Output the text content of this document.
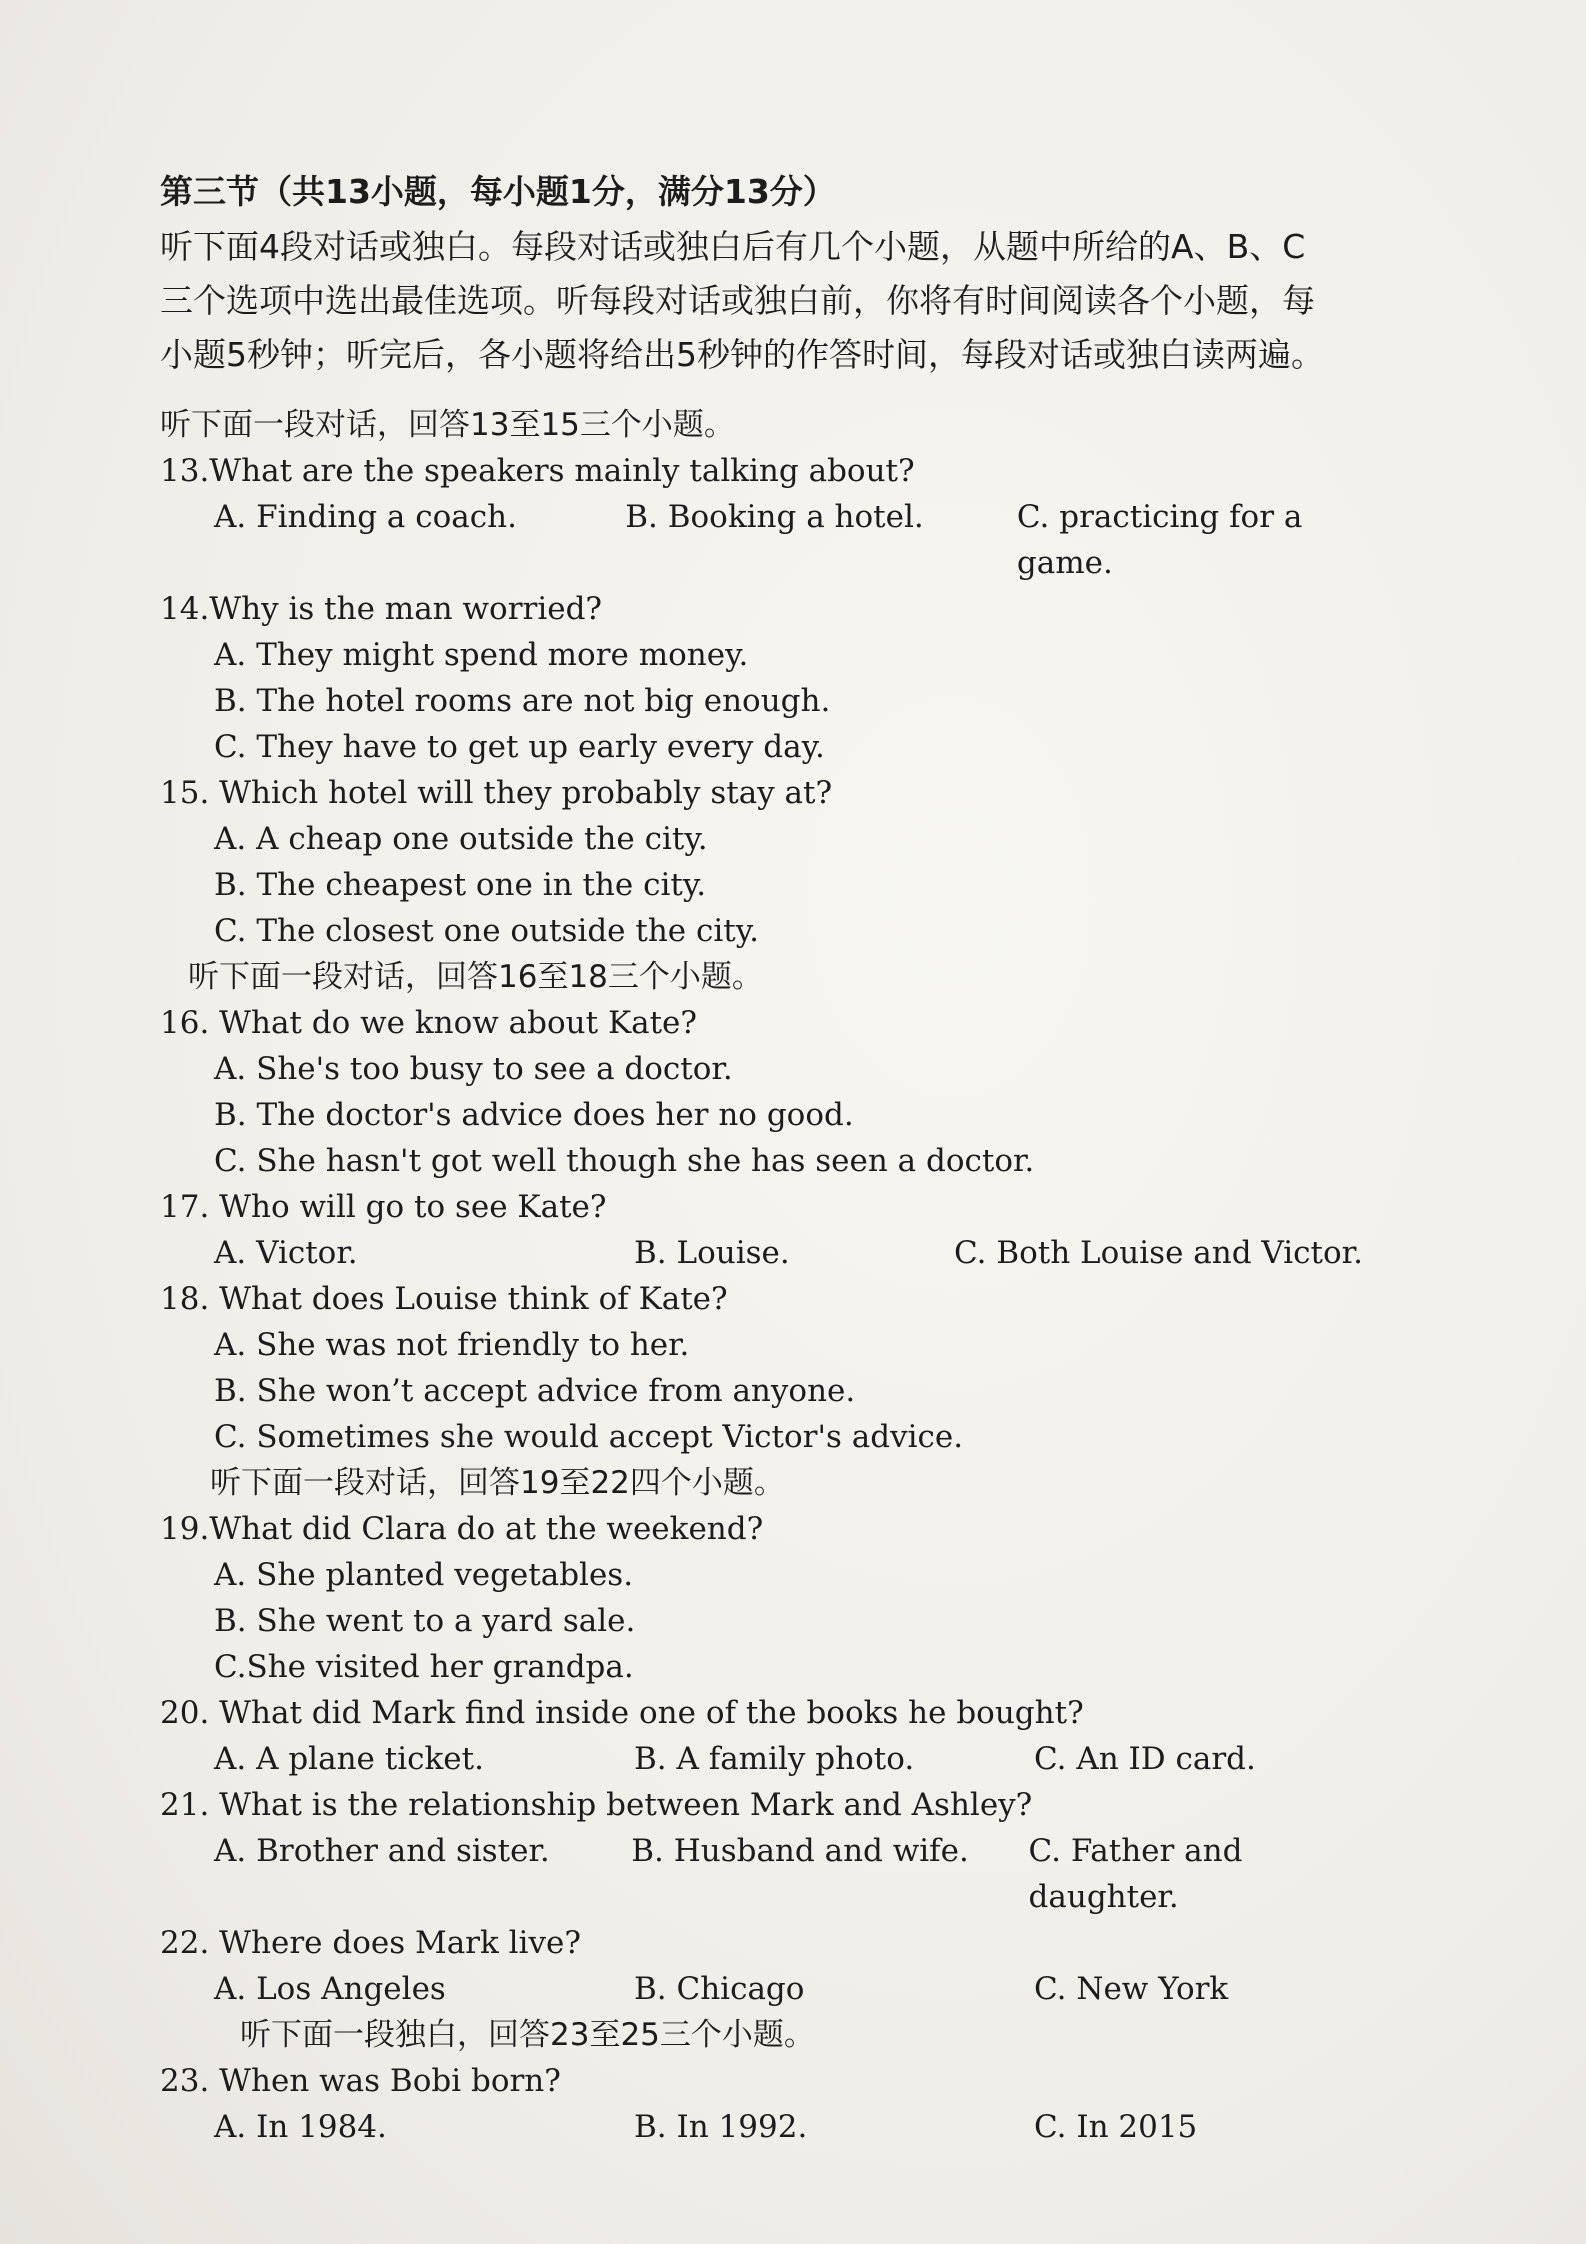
第三节（共13小题，每小题1分，满分13分）

听下面4段对话或独白。每段对话或独白后有几个小题，从题中所给的A、B、C

三个选项中选出最佳选项。听每段对话或独白前，你将有时间阅读各个小题，每

小题5秒钟；听完后，各小题将给出5秒钟的作答时间，每段对话或独白读两遍。

听下面一段对话，回答13至15三个小题。

13.What are the speakers mainly talking about?

A. Finding a coach.	B. Booking a hotel.	C. practicing for a game.

14.Why is the man worried?

A. They might spend more money.

B. The hotel rooms are not big enough.

C. They have to get up early every day.

15. Which hotel will they probably stay at?

A. A cheap one outside the city.

B. The cheapest one in the city.

C. The closest one outside the city.

听下面一段对话，回答16至18三个小题。

16. What do we know about Kate?

A. She's too busy to see a doctor.

B. The doctor's advice does her no good.

C. She hasn't got well though she has seen a doctor.

17. Who will go to see Kate?

A. Victor.	B. Louise.	C. Both Louise and Victor.

18. What does Louise think of Kate?

A. She was not friendly to her.

B. She won’t accept advice from anyone.

C. Sometimes she would accept Victor's advice.

听下面一段对话，回答19至22四个小题。

19.What did Clara do at the weekend?

A. She planted vegetables.

B. She went to a yard sale.

C.She visited her grandpa.

20. What did Mark find inside one of the books he bought?

A. A plane ticket.	B. A family photo.	C. An ID card.

21. What is the relationship between Mark and Ashley?

A. Brother and sister.	B. Husband and wife.	C. Father and daughter.

22. Where does Mark live?

A. Los Angeles	B. Chicago	C. New York

听下面一段独白，回答23至25三个小题。

23. When was Bobi born?

A. In 1984.	B. In 1992.	C. In 2015
